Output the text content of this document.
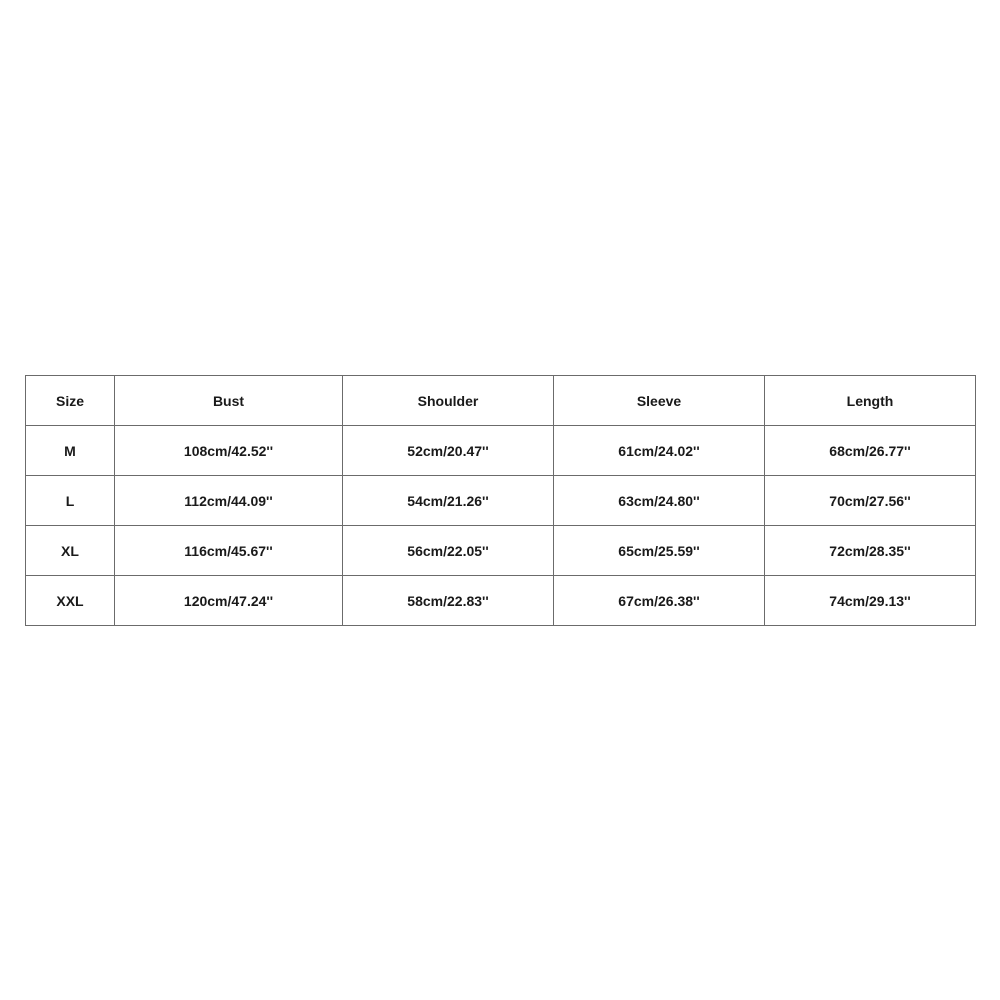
Size	Bust	Shoulder	Sleeve	Length
M	108cm/42.52''	52cm/20.47''	61cm/24.02''	68cm/26.77''
L	112cm/44.09''	54cm/21.26''	63cm/24.80''	70cm/27.56''
XL	116cm/45.67''	56cm/22.05''	65cm/25.59''	72cm/28.35''
XXL	120cm/47.24''	58cm/22.83''	67cm/26.38''	74cm/29.13''
